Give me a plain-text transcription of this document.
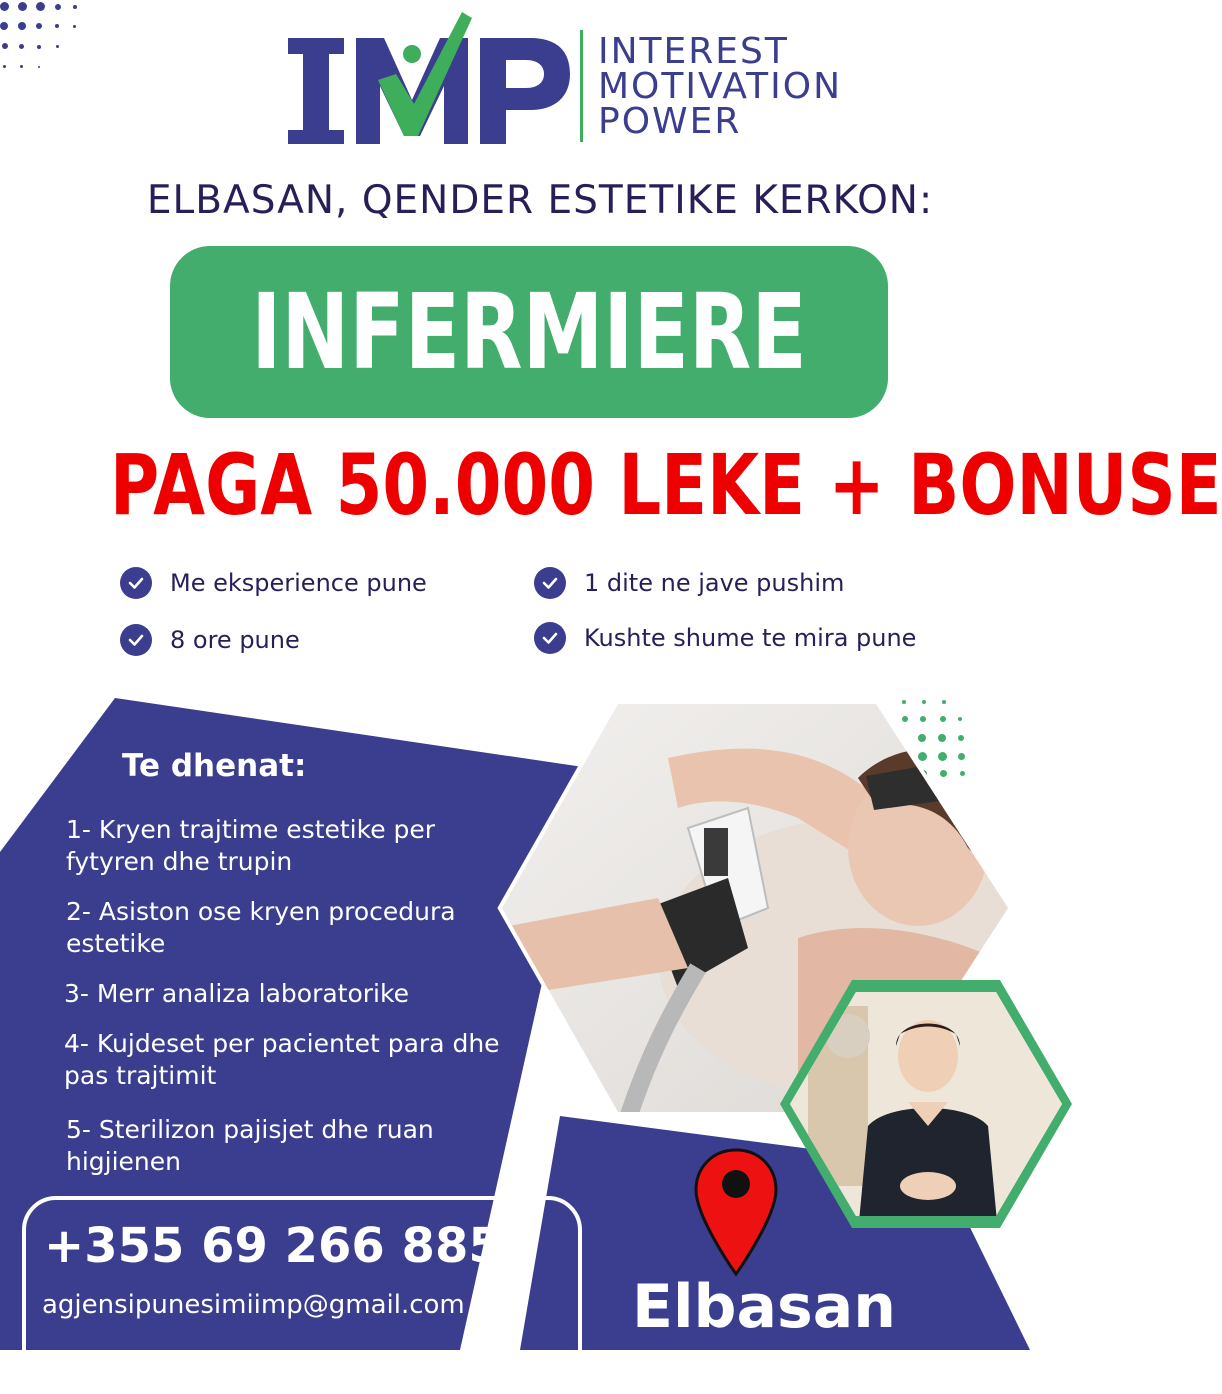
INTEREST
MOTIVATION
POWER
ELBASAN, QENDER ESTETIKE KERKON:
INFERMIERE
PAGA 50.000 LEKE + BONUSE
Me eksperience pune	1 dite ne jave pushim
8 ore pune	Kushte shume te mira pune
Te dhenat:
1- Kryen trajtime estetike per fytyren dhe trupin
2- Asiston ose kryen procedura estetike
3- Merr analiza laboratorike
4- Kujdeset per pacientet para dhe pas trajtimit
5- Sterilizon pajisjet dhe ruan higjienen
+355 69 266 8855
agjensipunesimiimp@gmail.com	Elbasan
